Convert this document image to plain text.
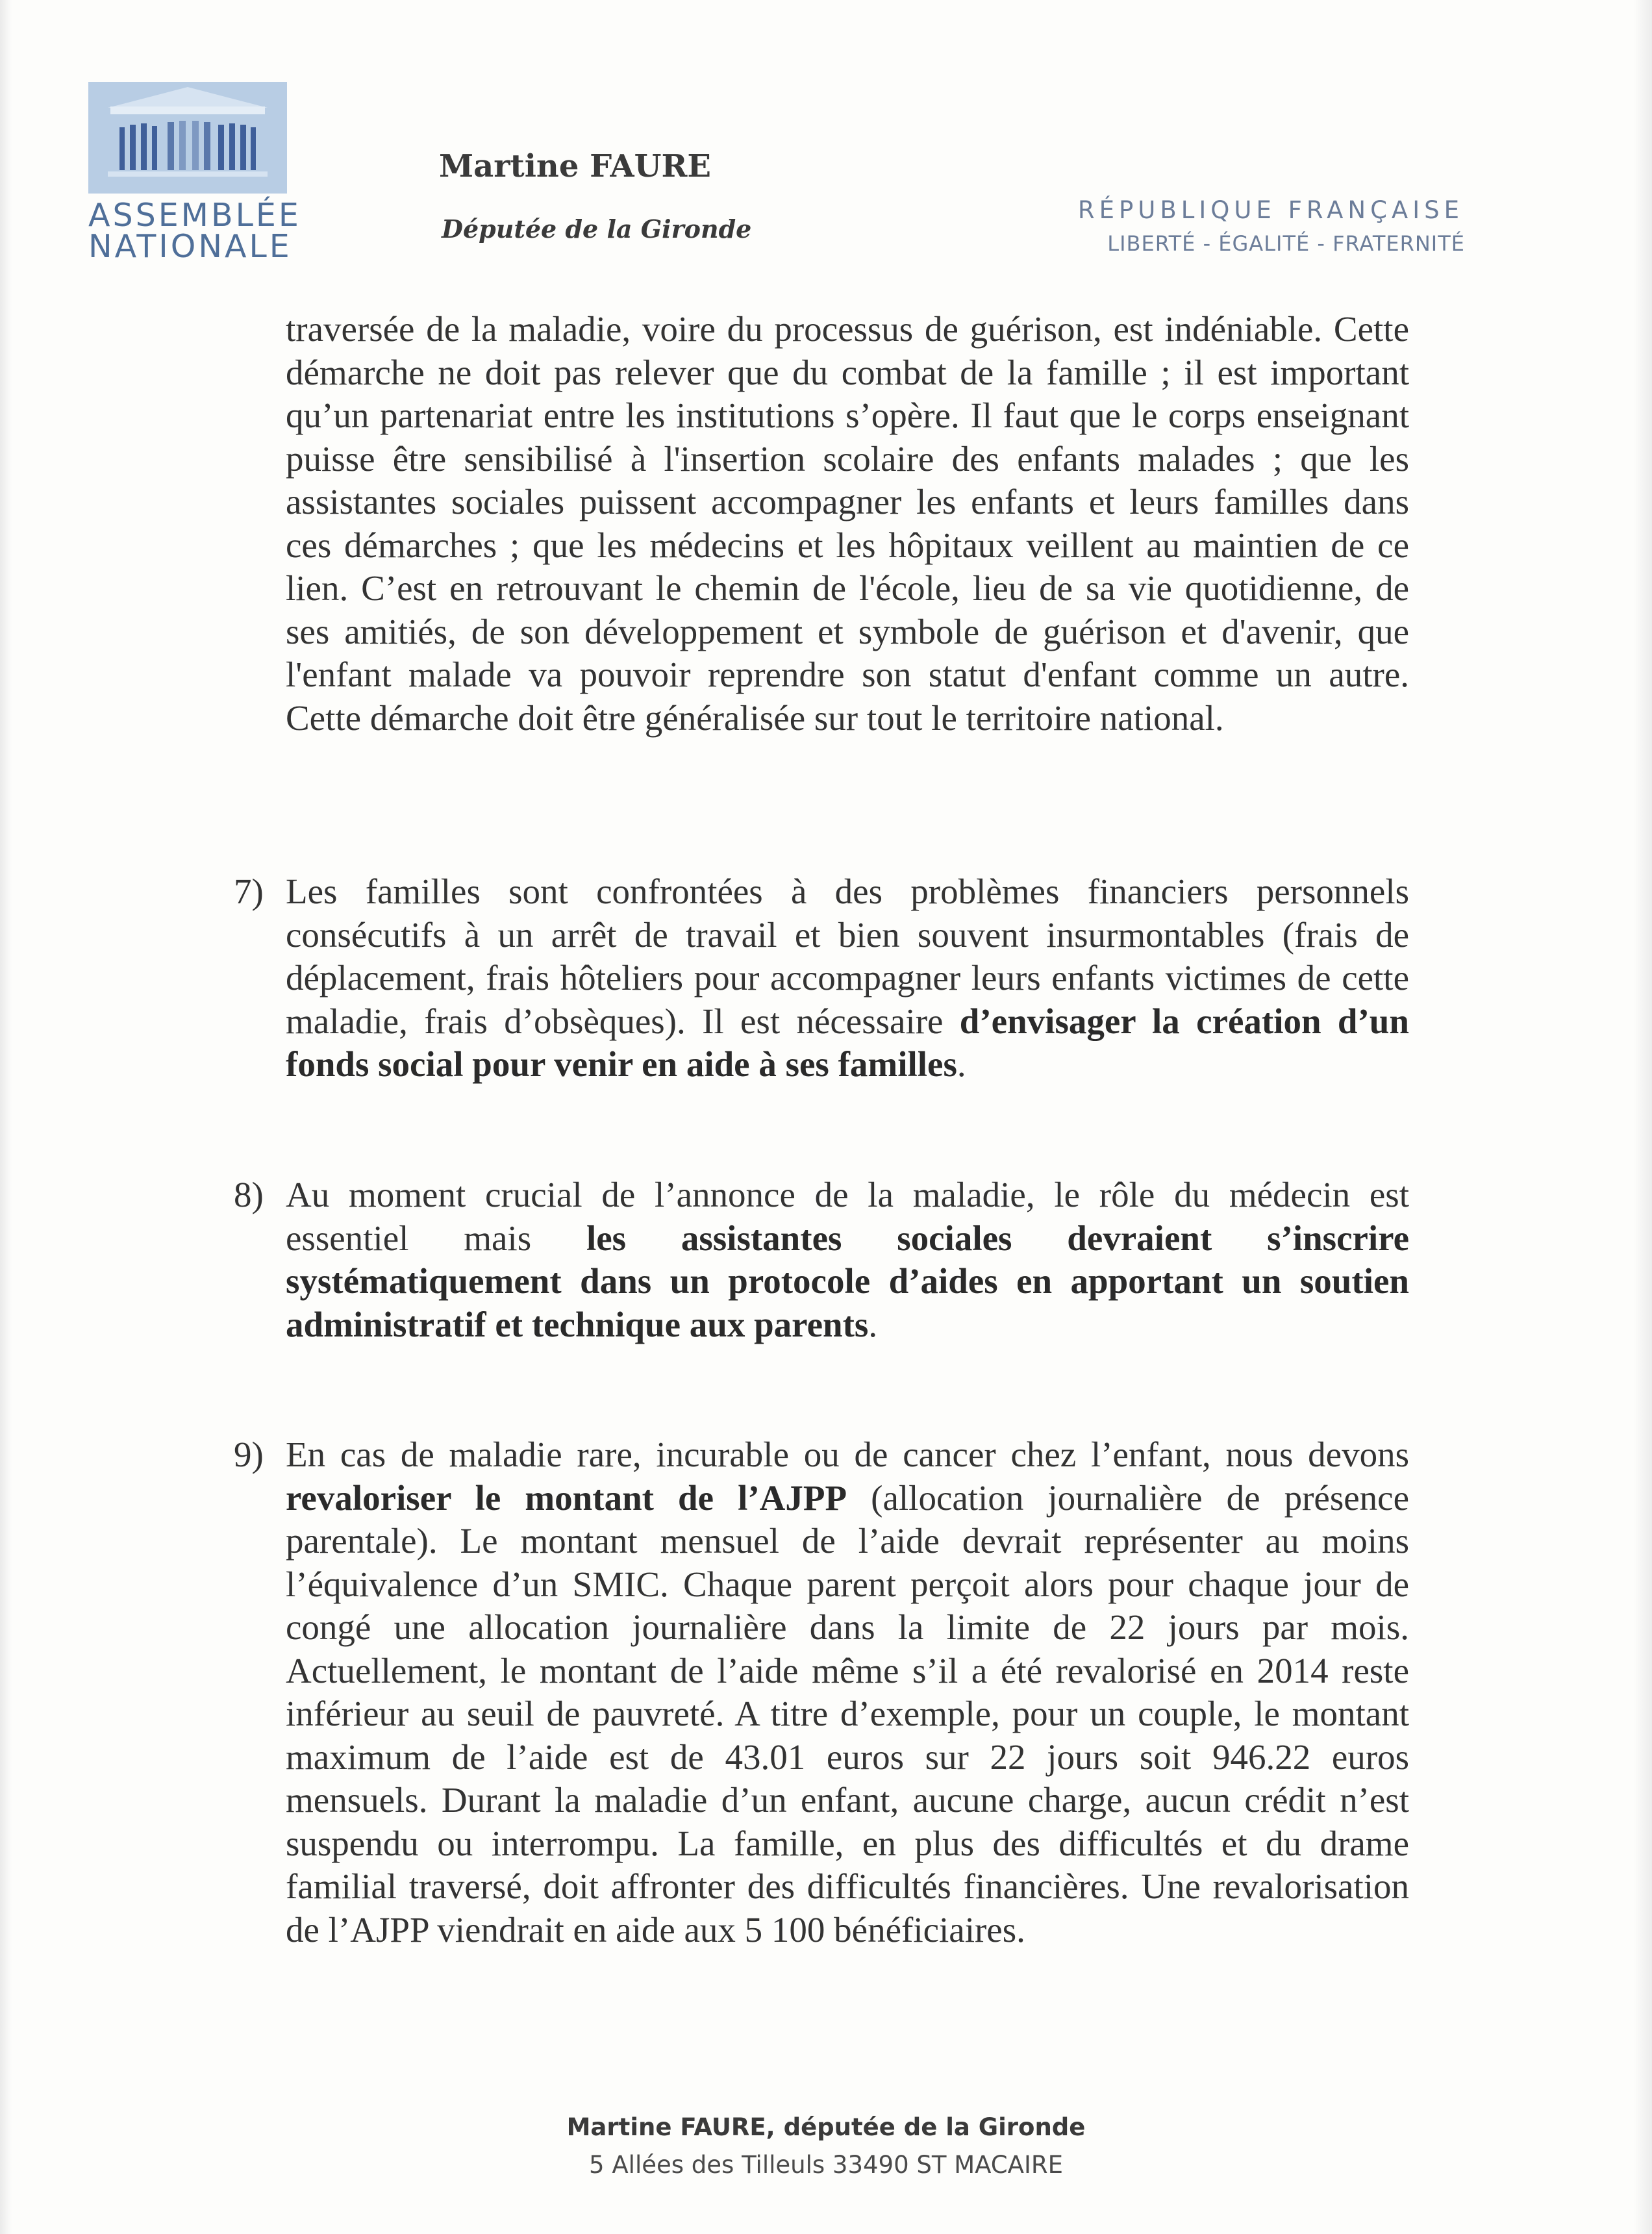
ASSEMBLÉE
NATIONALE
Martine FAURE
Députée de la Gironde
RÉPUBLIQUE FRANÇAISE
LIBERTÉ - ÉGALITÉ - FRATERNITÉ
traversée de la maladie, voire du processus de guérison, est indéniable. Cette démarche ne doit pas relever que du combat de la famille ; il est important qu’un partenariat entre les institutions s’opère. Il faut que le corps enseignant puisse être sensibilisé à l'insertion scolaire des enfants malades ; que les assistantes sociales puissent accompagner les enfants et leurs familles dans ces démarches ; que les médecins et les hôpitaux veillent au maintien de ce lien. C’est en retrouvant le chemin de l'école, lieu de sa vie quotidienne, de ses amitiés, de son développement et symbole de guérison et d'avenir, que l'enfant malade va pouvoir reprendre son statut d'enfant comme un autre. Cette démarche doit être généralisée sur tout le territoire national.
7) Les familles sont confrontées à des problèmes financiers personnels consécutifs à un arrêt de travail et bien souvent insurmontables (frais de déplacement, frais hôteliers pour accompagner leurs enfants victimes de cette maladie, frais d’obsèques). Il est nécessaire d’envisager la création d’un fonds social pour venir en aide à ses familles.
8) Au moment crucial de l’annonce de la maladie, le rôle du médecin est essentiel mais les assistantes sociales devraient s’inscrire systématiquement dans un protocole d’aides en apportant un soutien administratif et technique aux parents.
9) En cas de maladie rare, incurable ou de cancer chez l’enfant, nous devons revaloriser le montant de l’AJPP (allocation journalière de présence parentale). Le montant mensuel de l’aide devrait représenter au moins l’équivalence d’un SMIC. Chaque parent perçoit alors pour chaque jour de congé une allocation journalière dans la limite de 22 jours par mois. Actuellement, le montant de l’aide même s’il a été revalorisé en 2014 reste inférieur au seuil de pauvreté. A titre d’exemple, pour un couple, le montant maximum de l’aide est de 43.01 euros sur 22 jours soit 946.22 euros mensuels. Durant la maladie d’un enfant, aucune charge, aucun crédit n’est suspendu ou interrompu. La famille, en plus des difficultés et du drame familial traversé, doit affronter des difficultés financières. Une revalorisation de l’AJPP viendrait en aide aux 5 100 bénéficiaires.
Martine FAURE, députée de la Gironde
5 Allées des Tilleuls 33490 ST MACAIRE
